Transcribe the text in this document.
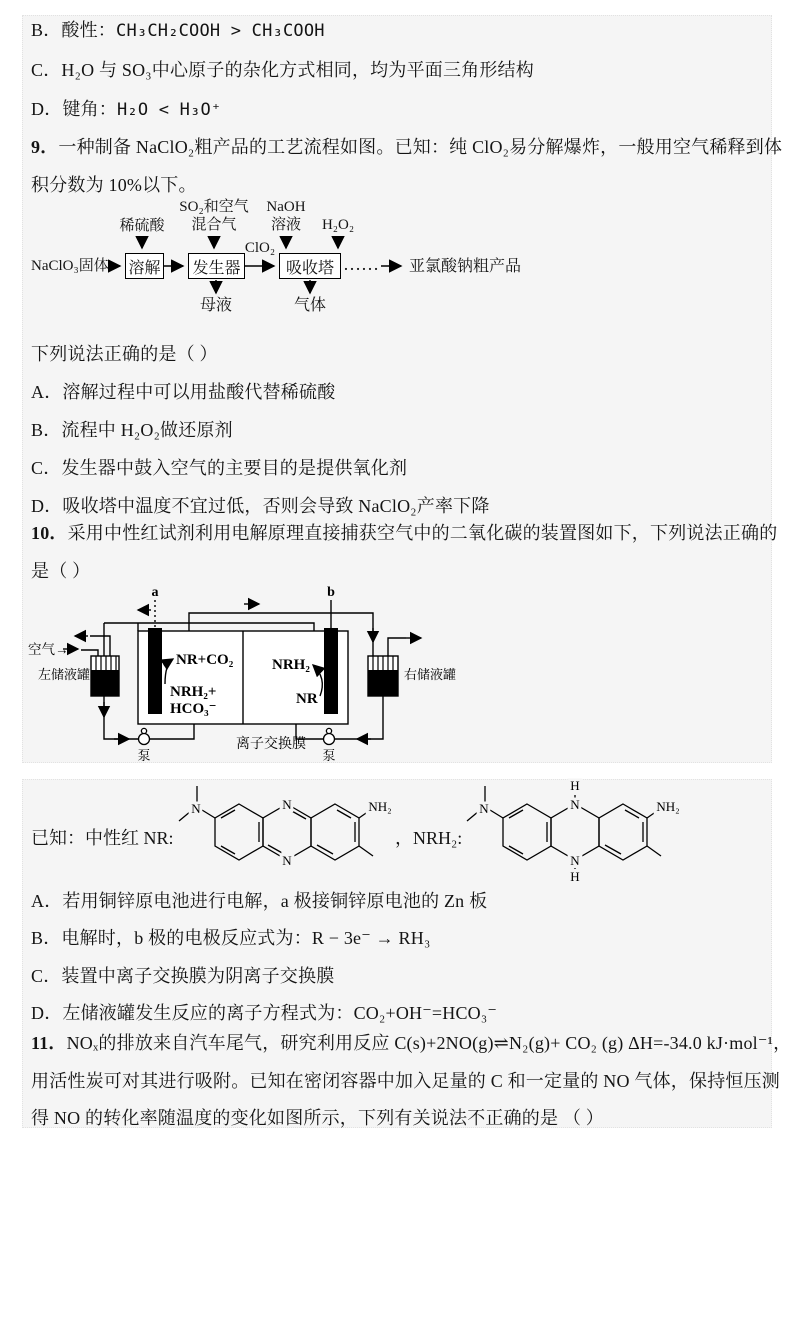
B．酸性：CH₃CH₂COOH > CH₃COOH
C．H₂O 与 SO₃中心原子的杂化方式相同，均为平面三角形结构
D．键角：H₂O < H₃O⁺
9．一种制备 NaClO₂粗产品的工艺流程如图。已知：纯 ClO₂易分解爆炸，一般用空气稀释到体
积分数为 10%以下。
稀硫酸
SO₂和空气
混合气
NaOH
溶液 H₂O₂
NaClO₃固体 溶解 发生器	吸收塔
ClO₂
…… 亚氯酸钠粗产品
母液	气体
下列说法正确的是（ ）
A．溶解过程中可以用盐酸代替稀硫酸
B．流程中 H₂O₂做还原剂
C．发生器中鼓入空气的主要目的是提供氧化剂
D．吸收塔中温度不宜过低，否则会导致 NaClO₂产率下降
10．采用中性红试剂利用电解原理直接捕获空气中的二氧化碳的装置图如下，下列说法正确的
是（ ）
a	b
空气→
左储液罐	右储液罐
NR+CO₂
NRH₂+
HCO₃⁻
NRH₂
NR
离子交换膜
泵	泵
已知：中性红 NR:
N
N
N	NH₂
，NRH₂:
N
H
N
H
N	NH₂
A．若用铜锌原电池进行电解，a 极接铜锌原电池的 Zn 板
B．电解时，b 极的电极反应式为：R − 3e⁻ → RH₃
C．装置中离子交换膜为阴离子交换膜
D．左储液罐发生反应的离子方程式为：CO₂+OH⁻=HCO₃⁻
11．NOₓ的排放来自汽车尾气，研究利用反应 C(s)+2NO(g)⇌N₂(g)+ CO₂ (g) ΔH=-34.0 kJ·mol⁻¹，
用活性炭可对其进行吸附。已知在密闭容器中加入足量的 C 和一定量的 NO 气体，保持恒压测
得 NO 的转化率随温度的变化如图所示，下列有关说法不正确的是 （ ）
